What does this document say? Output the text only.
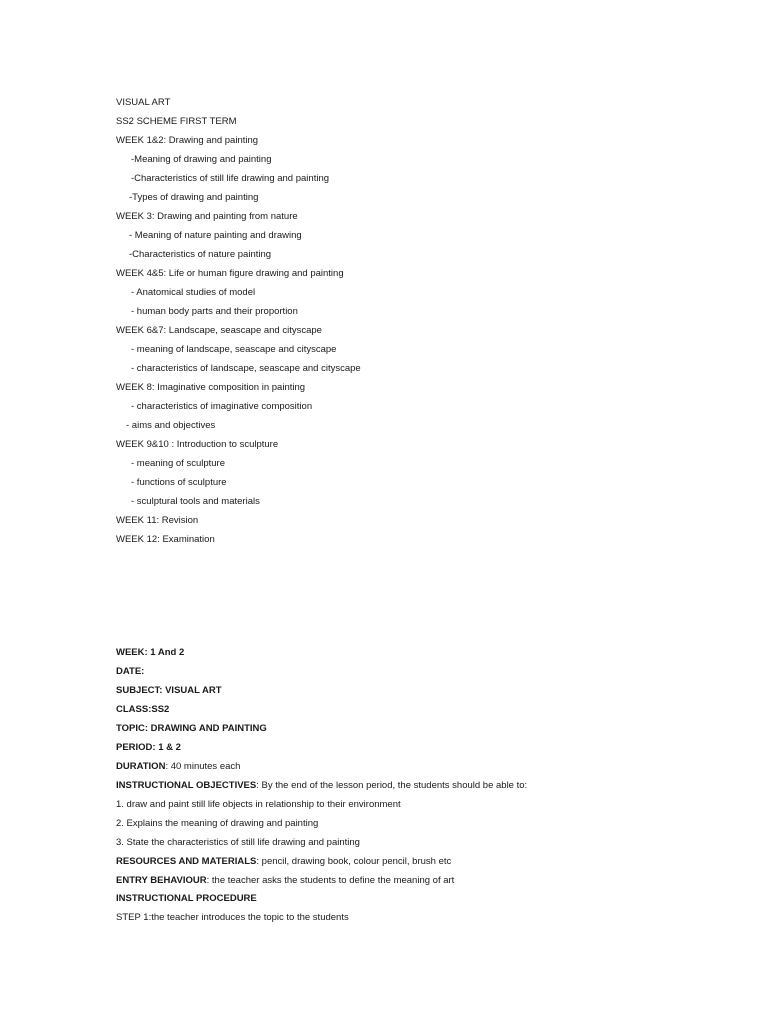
VISUAL ART
SS2 SCHEME FIRST TERM
WEEK 1&2: Drawing and painting
-Meaning of drawing and painting
-Characteristics of still life drawing and painting
-Types of drawing and painting
WEEK 3: Drawing and painting from nature
- Meaning of nature painting and drawing
-Characteristics of nature painting
WEEK 4&5: Life or human figure drawing and painting
- Anatomical studies of model
- human body parts and their proportion
WEEK 6&7: Landscape, seascape and cityscape
- meaning of landscape, seascape and cityscape
- characteristics of landscape, seascape and cityscape
WEEK 8: Imaginative composition in painting
- characteristics of imaginative composition
- aims and objectives
WEEK 9&10 : Introduction to sculpture
- meaning of sculpture
- functions of sculpture
- sculptural tools and materials
WEEK 11: Revision
WEEK 12: Examination
WEEK: 1 And 2
DATE:
SUBJECT: VISUAL ART
CLASS:SS2
TOPIC: DRAWING AND PAINTING
PERIOD: 1 & 2
DURATION: 40 minutes each
INSTRUCTIONAL OBJECTIVES: By the end of the lesson period, the students should be able to:
1. draw and paint still life objects in relationship to their environment
2. Explains the meaning of drawing and painting
3. State the characteristics of still life drawing and painting
RESOURCES AND MATERIALS: pencil, drawing book, colour pencil, brush etc
ENTRY BEHAVIOUR: the teacher asks the students to define the meaning of art
INSTRUCTIONAL PROCEDURE
STEP 1:the teacher introduces the topic to the students
